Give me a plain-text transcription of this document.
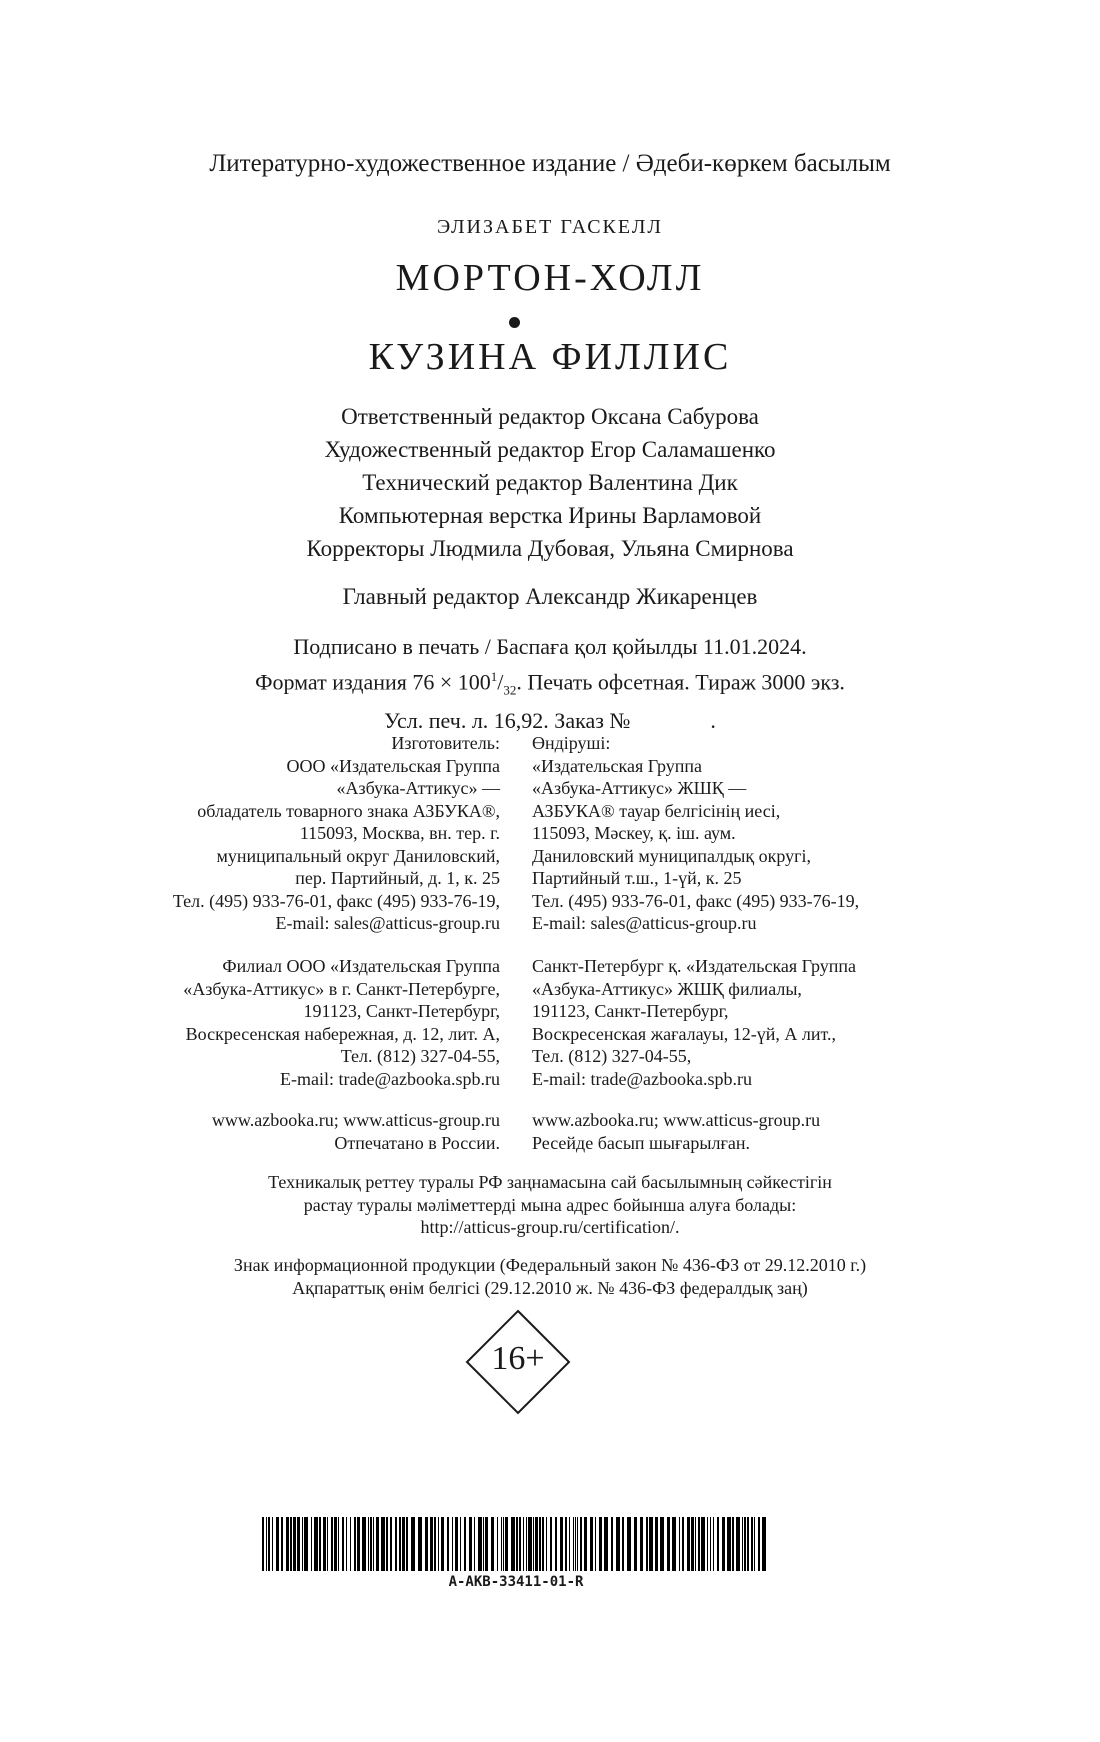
Литературно-художественное издание / Әдеби-көркем басылым
ЭЛИЗАБЕТ ГАСКЕЛЛ
МОРТОН-ХОЛЛ
КУЗИНА ФИЛЛИС
Ответственный редактор Оксана Сабурова
Художественный редактор Егор Саламашенко
Технический редактор Валентина Дик
Компьютерная верстка Ирины Варламовой
Корректоры Людмила Дубовая, Ульяна Смирнова
Главный редактор Александр Жикаренцев
Подписано в печать / Баспаға қол қойылды 11.01.2024.
Формат издания $76 \times 100^1/_{32}$. Печать офсетная. Тираж 3000 экз.
Усл. печ. л. 16,92. Заказ №	.
Изготовитель:
ООО «Издательская Группа
«Азбука-Аттикус» —
обладатель товарного знака АЗБУКА®,
115093, Москва, вн. тер. г.
муниципальный округ Даниловский,
пер. Партийный, д. 1, к. 25
Тел. (495) 933-76-01, факс (495) 933-76-19,
E-mail: sales@atticus-group.ru
Өндіруші:
«Издательская Группа
«Азбука-Аттикус» ЖШҚ —
АЗБУКА® тауар белгісінің иесі,
115093, Мәскеу, қ. іш. аум.
Даниловский муниципалдық округі,
Партийный т.ш., 1-үй, к. 25
Тел. (495) 933-76-01, факс (495) 933-76-19,
E-mail: sales@atticus-group.ru
Филиал ООО «Издательская Группа
«Азбука-Аттикус» в г. Санкт-Петербурге,
191123, Санкт-Петербург,
Воскресенская набережная, д. 12, лит. А,
Тел. (812) 327-04-55,
E-mail: trade@azbooka.spb.ru
Санкт-Петербург қ. «Издательская Группа
«Азбука-Аттикус» ЖШҚ филиалы,
191123, Санкт-Петербург,
Воскресенская жағалауы, 12-үй, А лит.,
Тел. (812) 327-04-55,
E-mail: trade@azbooka.spb.ru
www.azbooka.ru; www.atticus-group.ru
Отпечатано в России.
www.azbooka.ru; www.atticus-group.ru
Ресейде басып шығарылған.
Техникалық реттеу туралы РФ заңнамасына сай басылымның сәйкестігін
растау туралы мәліметтерді мына адрес бойынша алуға болады:
http://atticus-group.ru/certification/.
Знак информационной продукции (Федеральный закон № 436-ФЗ от 29.12.2010 г.)
Ақпараттық өнім белгісі (29.12.2010 ж. № 436-ФЗ федералдық заң)
16+
A-AKB-33411-01-R
